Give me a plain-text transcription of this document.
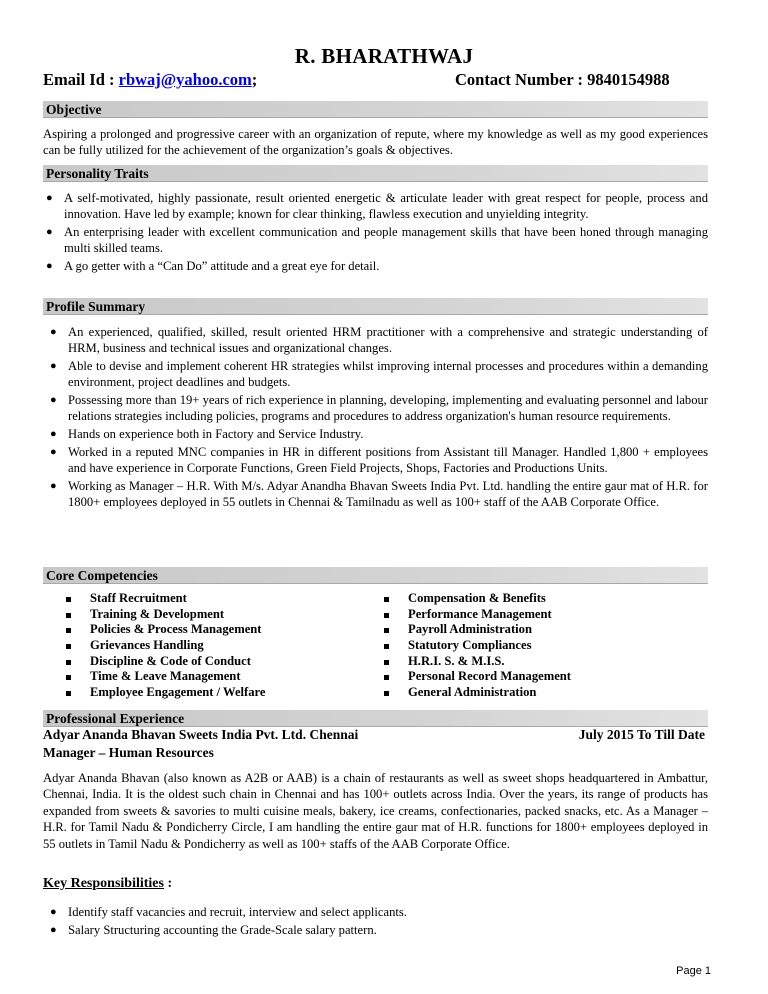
R. BHARATHWAJ
Email Id : rbwaj@yahoo.com;	Contact Number : 9840154988
Objective
Aspiring a prolonged and progressive career with an organization of repute, where my knowledge as well as my good experiences can be fully utilized for the achievement of the organization’s goals & objectives.
Personality Traits
● A self-motivated, highly passionate, result oriented energetic & articulate leader with great respect for people, process and innovation. Have led by example; known for clear thinking, flawless execution and unyielding integrity.
● An enterprising leader with excellent communication and people management skills that have been honed through managing multi skilled teams.
● A go getter with a “Can Do” attitude and a great eye for detail.
Profile Summary
● An experienced, qualified, skilled, result oriented HRM practitioner with a comprehensive and strategic understanding of HRM, business and technical issues and organizational changes.
● Able to devise and implement coherent HR strategies whilst improving internal processes and procedures within a demanding environment, project deadlines and budgets.
● Possessing more than 19+ years of rich experience in planning, developing, implementing and evaluating personnel and labour relations strategies including policies, programs and procedures to address organization's human resource requirements.
● Hands on experience both in Factory and Service Industry.
● Worked in a reputed MNC companies in HR in different positions from Assistant till Manager. Handled 1,800 + employees and have experience in Corporate Functions, Green Field Projects, Shops, Factories and Productions Units.
● Working as Manager – H.R. With M/s. Adyar Anandha Bhavan Sweets India Pvt. Ltd. handling the entire gaur mat of H.R. for 1800+ employees deployed in 55 outlets in Chennai & Tamilnadu as well as 100+ staff of the AAB Corporate Office.
Core Competencies
Staff Recruitment
Training & Development
Policies & Process Management
Grievances Handling
Discipline & Code of Conduct
Time & Leave Management
Employee Engagement / Welfare
Compensation & Benefits
Performance Management
Payroll Administration
Statutory Compliances
H.R.I. S. & M.I.S.
Personal Record Management
General Administration
Professional Experience
Adyar Ananda Bhavan Sweets India Pvt. Ltd. Chennai	July 2015 To Till Date
Manager – Human Resources
Adyar Ananda Bhavan (also known as A2B or AAB) is a chain of restaurants as well as sweet shops headquartered in Ambattur, Chennai, India. It is the oldest such chain in Chennai and has 100+ outlets across India. Over the years, its range of products has expanded from sweets & savories to multi cuisine meals, bakery, ice creams, confectionaries, packed snacks, etc. As a Manager – H.R. for Tamil Nadu & Pondicherry Circle, I am handling the entire gaur mat of H.R. functions for 1800+ employees deployed in 55 outlets in Tamil Nadu & Pondicherry as well as 100+ staffs of the AAB Corporate Office.
Key Responsibilities :
● Identify staff vacancies and recruit, interview and select applicants.
● Salary Structuring accounting the Grade-Scale salary pattern.
Page 1
